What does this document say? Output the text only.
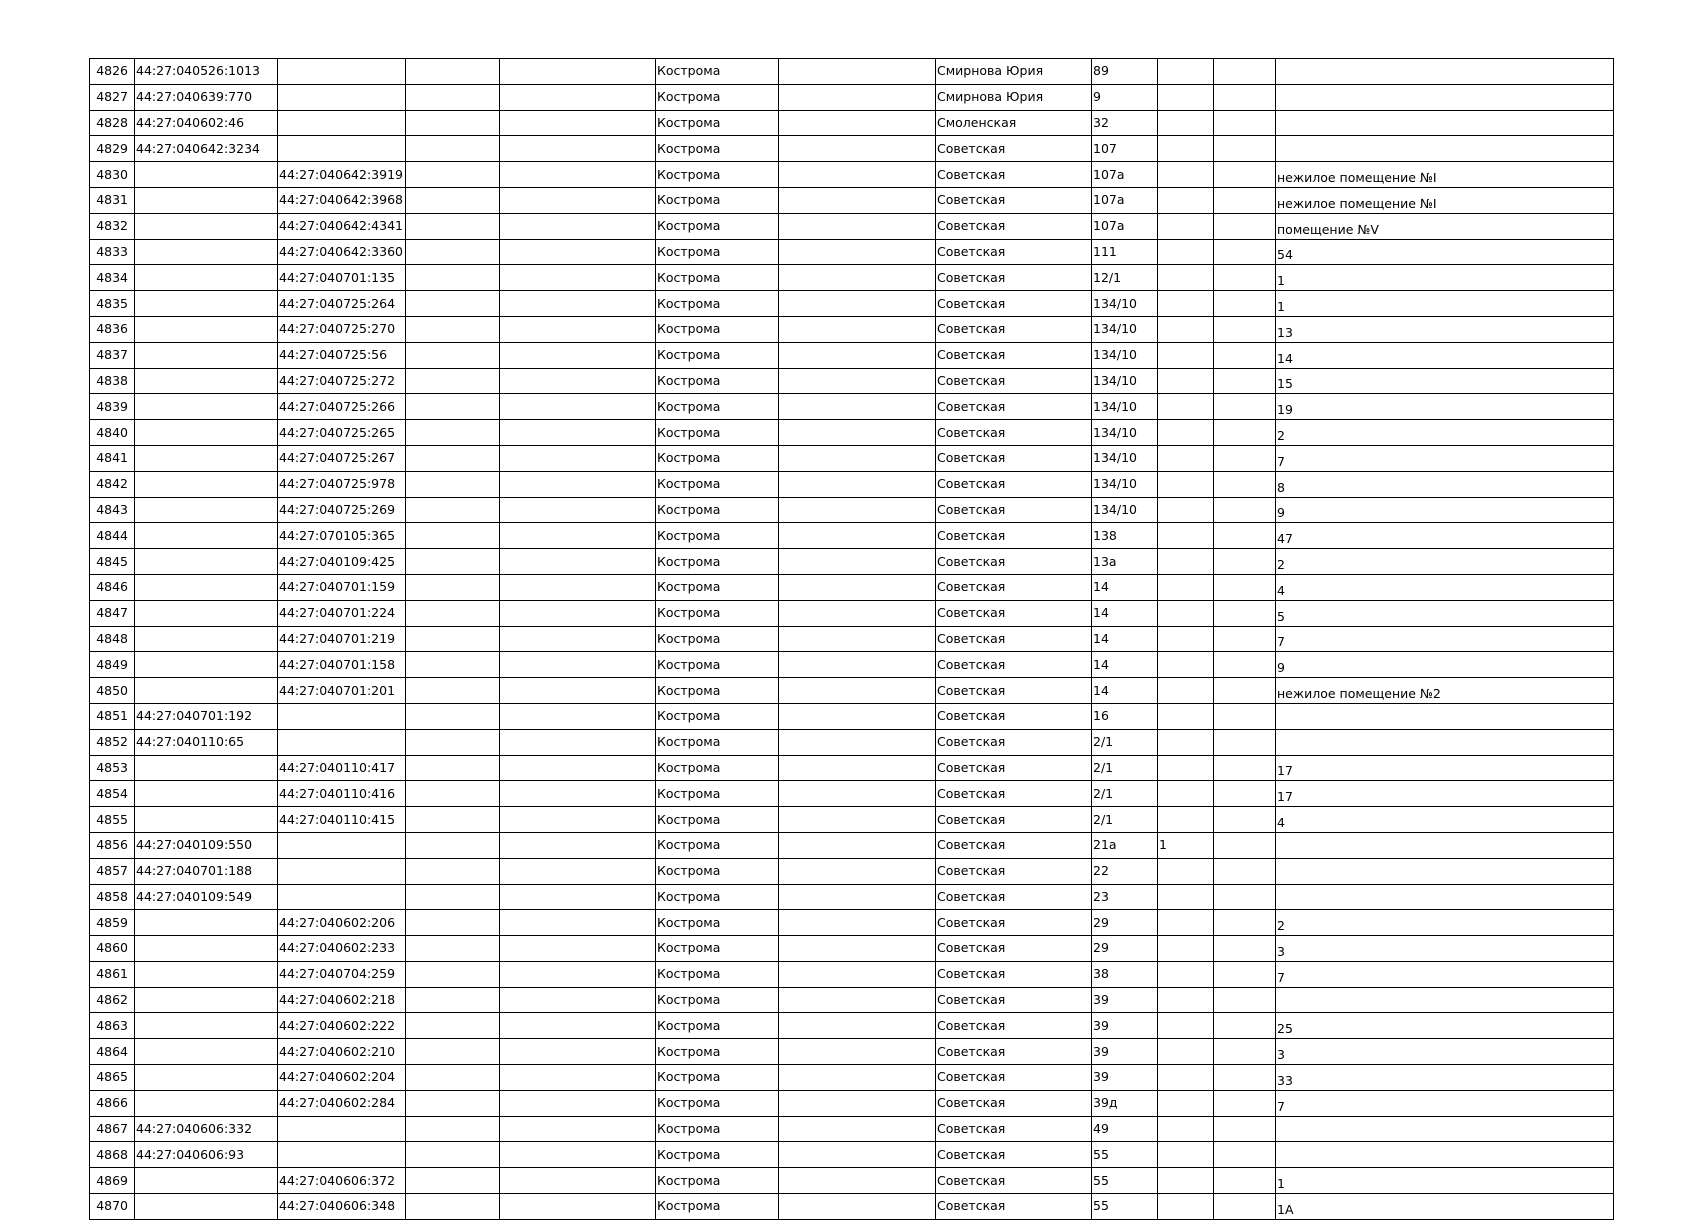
4826	44:27:040526:1013				Кострома		Смирнова Юрия	89			
4827	44:27:040639:770				Кострома		Смирнова Юрия	9			
4828	44:27:040602:46				Кострома		Смоленская	32			
4829	44:27:040642:3234				Кострома		Советская	107			
4830		44:27:040642:3919			Кострома		Советская	107а			нежилое помещение №I
4831		44:27:040642:3968			Кострома		Советская	107а			нежилое помещение №I
4832		44:27:040642:4341			Кострома		Советская	107а			помещение №V
4833		44:27:040642:3360			Кострома		Советская	111			54
4834		44:27:040701:135			Кострома		Советская	12/1			1
4835		44:27:040725:264			Кострома		Советская	134/10			1
4836		44:27:040725:270			Кострома		Советская	134/10			13
4837		44:27:040725:56			Кострома		Советская	134/10			14
4838		44:27:040725:272			Кострома		Советская	134/10			15
4839		44:27:040725:266			Кострома		Советская	134/10			19
4840		44:27:040725:265			Кострома		Советская	134/10			2
4841		44:27:040725:267			Кострома		Советская	134/10			7
4842		44:27:040725:978			Кострома		Советская	134/10			8
4843		44:27:040725:269			Кострома		Советская	134/10			9
4844		44:27:070105:365			Кострома		Советская	138			47
4845		44:27:040109:425			Кострома		Советская	13а			2
4846		44:27:040701:159			Кострома		Советская	14			4
4847		44:27:040701:224			Кострома		Советская	14			5
4848		44:27:040701:219			Кострома		Советская	14			7
4849		44:27:040701:158			Кострома		Советская	14			9
4850		44:27:040701:201			Кострома		Советская	14			нежилое помещение №2
4851	44:27:040701:192				Кострома		Советская	16			
4852	44:27:040110:65				Кострома		Советская	2/1			
4853		44:27:040110:417			Кострома		Советская	2/1			17
4854		44:27:040110:416			Кострома		Советская	2/1			17
4855		44:27:040110:415			Кострома		Советская	2/1			4
4856	44:27:040109:550				Кострома		Советская	21а	1		
4857	44:27:040701:188				Кострома		Советская	22			
4858	44:27:040109:549				Кострома		Советская	23			
4859		44:27:040602:206			Кострома		Советская	29			2
4860		44:27:040602:233			Кострома		Советская	29			3
4861		44:27:040704:259			Кострома		Советская	38			7
4862		44:27:040602:218			Кострома		Советская	39			
4863		44:27:040602:222			Кострома		Советская	39			25
4864		44:27:040602:210			Кострома		Советская	39			3
4865		44:27:040602:204			Кострома		Советская	39			33
4866		44:27:040602:284			Кострома		Советская	39д			7
4867	44:27:040606:332				Кострома		Советская	49			
4868	44:27:040606:93				Кострома		Советская	55			
4869		44:27:040606:372			Кострома		Советская	55			1
4870		44:27:040606:348			Кострома		Советская	55			1А
